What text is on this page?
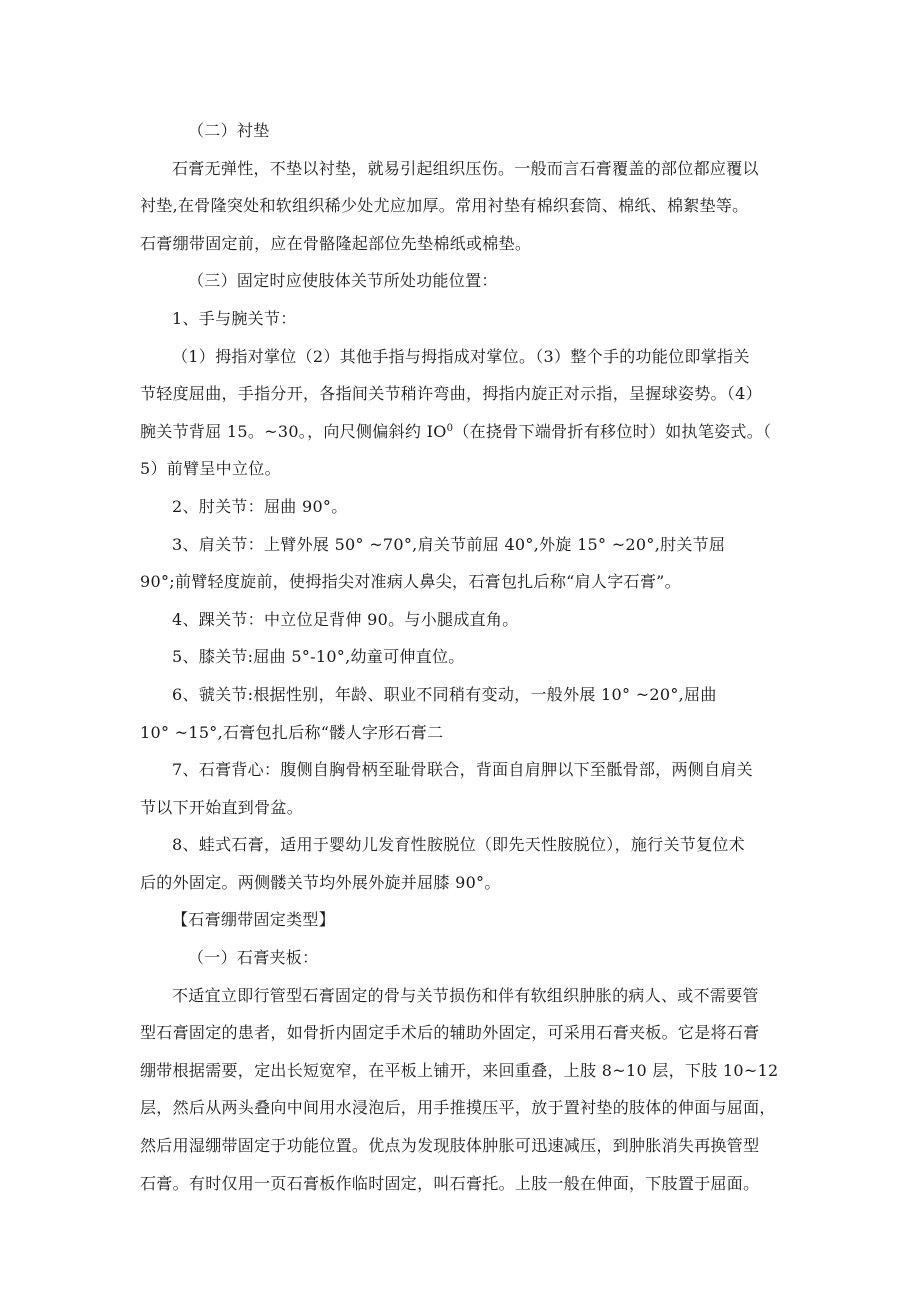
（二）衬垫

石膏无弹性，不垫以衬垫，就易引起组织压伤。一般而言石膏覆盖的部位都应覆以

衬垫,在骨隆突处和软组织稀少处尤应加厚。常用衬垫有棉织套筒、棉纸、棉絮垫等。

石膏绷带固定前，应在骨骼隆起部位先垫棉纸或棉垫。

（三）固定时应使肢体关节所处功能位置：

1、手与腕关节：

（1）拇指对掌位（2）其他手指与拇指成对掌位。（3）整个手的功能位即掌指关

节轻度屈曲，手指分开，各指间关节稍许弯曲，拇指内旋正对示指，呈握球姿势。（4）

腕关节背屈 15。~30。，向尺侧偏斜约 $IO^0$（在挠骨下端骨折有移位时）如执笔姿式。（

5）前臂呈中立位。

2、肘关节：屈曲 90°。

3、肩关节：上臂外展 50° ~70°,肩关节前屈 40°,外旋 15° ~20°,肘关节屈

90°;前臂轻度旋前，使拇指尖对准病人鼻尖，石膏包扎后称“肩人字石膏”。

4、踝关节：中立位足背伸 90。与小腿成直角。

5、膝关节:屈曲 5°-10°,幼童可伸直位。

6、虢关节:根据性别，年龄、职业不同稍有变动，一般外展 10° ~20°,屈曲

10° ~15°,石膏包扎后称“髅人字形石膏二

7、石膏背心：腹侧自胸骨柄至耻骨联合，背面自肩胛以下至骶骨部，两侧自肩关

节以下开始直到骨盆。

8、蛙式石膏，适用于婴幼儿发育性胺脱位（即先天性胺脱位），施行关节复位术

后的外固定。两侧髅关节均外展外旋并屈膝 90°。

【石膏绷带固定类型】

（一）石膏夹板：

不适宜立即行管型石膏固定的骨与关节损伤和伴有软组织肿胀的病人、或不需要管

型石膏固定的患者，如骨折内固定手术后的辅助外固定，可采用石膏夹板。它是将石膏

绷带根据需要，定出长短宽窄，在平板上铺开，来回重叠，上肢 8~10 层，下肢 10~12

层，然后从两头叠向中间用水浸泡后，用手推摸压平，放于置衬垫的肢体的伸面与屈面，

然后用湿绷带固定于功能位置。优点为发现肢体肿胀可迅速减压，到肿胀消失再换管型

石膏。有时仅用一页石膏板作临时固定，叫石膏托。上肢一般在伸面，下肢置于屈面。
